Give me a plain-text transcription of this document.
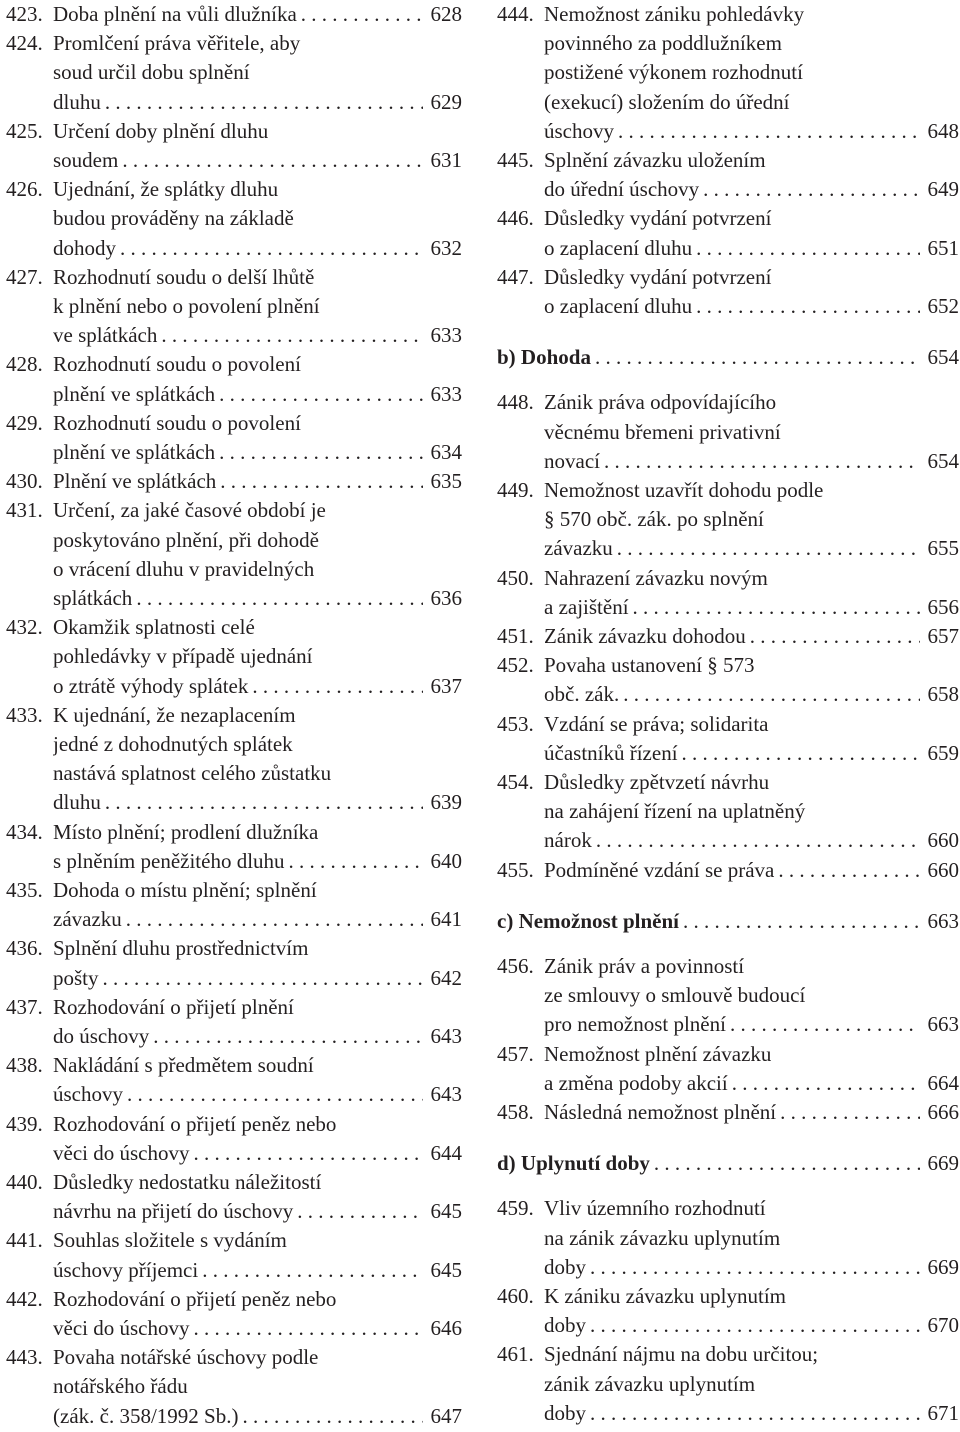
423. Doba plnění na vůli dlužníka . . .	628
424. Promlčení práva věřitele, aby
soud určil dobu splnění
dluhu . . .	629
425. Určení doby plnění dluhu
soudem . . .	631
426. Ujednání, že splátky dluhu
budou prováděny na základě
dohody . . .	632
427. Rozhodnutí soudu o delší lhůtě
k plnění nebo o povolení plnění
ve splátkách . . .	633
428. Rozhodnutí soudu o povolení
plnění ve splátkách . . .	633
429. Rozhodnutí soudu o povolení
plnění ve splátkách . . .	634
430. Plnění ve splátkách . . .	635
431. Určení, za jaké časové období je
poskytováno plnění, při dohodě
o vrácení dluhu v pravidelných
splátkách . . .	636
432. Okamžik splatnosti celé
pohledávky v případě ujednání
o ztrátě výhody splátek . . .	637
433. K ujednání, že nezaplacením
jedné z dohodnutých splátek
nastává splatnost celého zůstatku
dluhu . . .	639
434. Místo plnění; prodlení dlužníka
s plněním peněžitého dluhu . . .	640
435. Dohoda o místu plnění; splnění
závazku . . .	641
436. Splnění dluhu prostřednictvím
pošty . . .	642
437. Rozhodování o přijetí plnění
do úschovy . . .	643
438. Nakládání s předmětem soudní
úschovy . . .	643
439. Rozhodování o přijetí peněz nebo
věci do úschovy . . .	644
440. Důsledky nedostatku náležitostí
návrhu na přijetí do úschovy . . .	645
441. Souhlas složitele s vydáním
úschovy příjemci . . .	645
442. Rozhodování o přijetí peněz nebo
věci do úschovy . . .	646
443. Povaha notářské úschovy podle
notářského řádu
(zák. č. 358/1992 Sb.) . . .	647
444. Nemožnost zániku pohledávky
povinného za poddlužníkem
postižené výkonem rozhodnutí
(exekucí) složením do úřední
úschovy . . .	648
445. Splnění závazku uložením
do úřední úschovy . . .	649
446. Důsledky vydání potvrzení
o zaplacení dluhu . . .	651
447. Důsledky vydání potvrzení
o zaplacení dluhu . . .	652
b) Dohoda . . .	654
448. Zánik práva odpovídajícího
věcnému břemeni privativní
novací . . .	654
449. Nemožnost uzavřít dohodu podle
§ 570 obč. zák. po splnění
závazku . . .	655
450. Nahrazení závazku novým
a zajištění . . .	656
451. Zánik závazku dohodou . . .	657
452. Povaha ustanovení § 573
obč. zák. . . .	658
453. Vzdání se práva; solidarita
účastníků řízení . . .	659
454. Důsledky zpětvzetí návrhu
na zahájení řízení na uplatněný
nárok . . .	660
455. Podmíněné vzdání se práva . . .	660
c) Nemožnost plnění . . .	663
456. Zánik práv a povinností
ze smlouvy o smlouvě budoucí
pro nemožnost plnění . . .	663
457. Nemožnost plnění závazku
a změna podoby akcií . . .	664
458. Následná nemožnost plnění . . .	666
d) Uplynutí doby . . .	669
459. Vliv územního rozhodnutí
na zánik závazku uplynutím
doby . . .	669
460. K zániku závazku uplynutím
doby . . .	670
461. Sjednání nájmu na dobu určitou;
zánik závazku uplynutím
doby . . .	671
